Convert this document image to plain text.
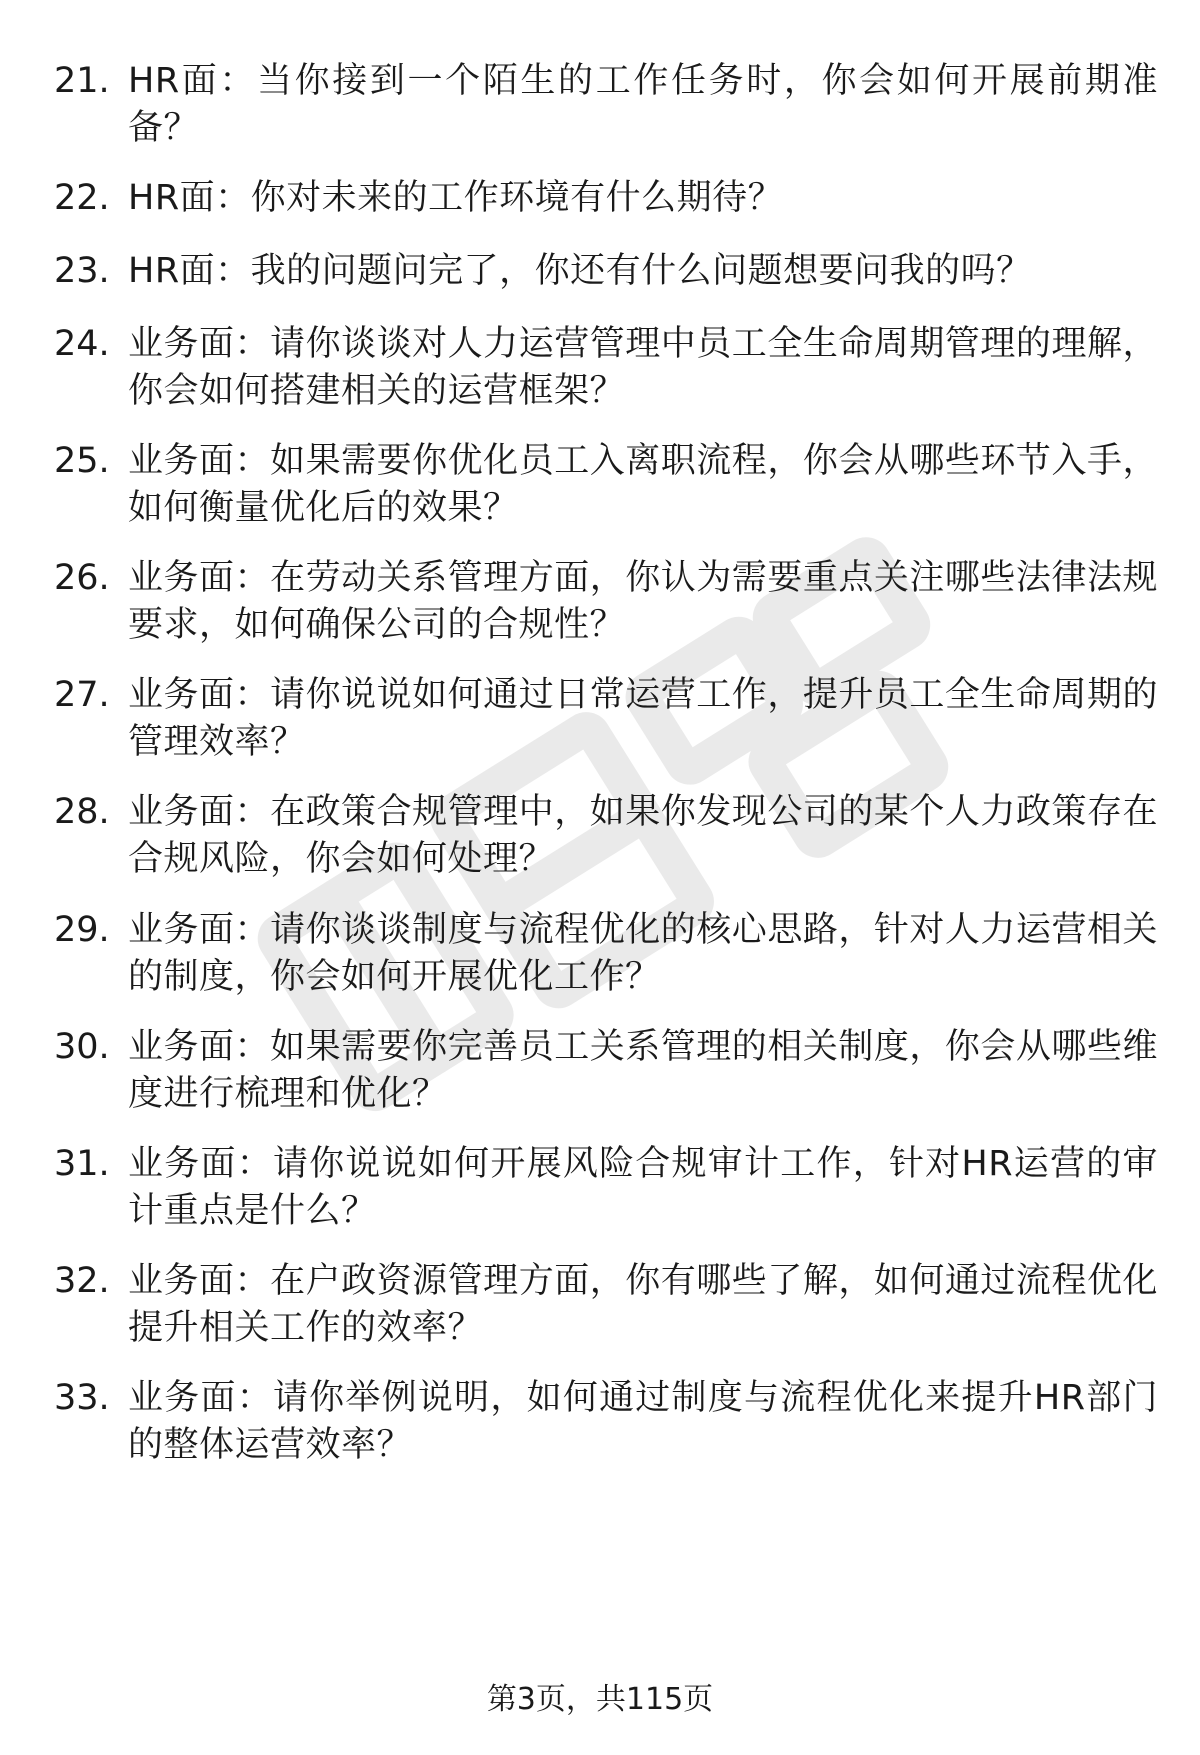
21. HR面：当你接到一个陌生的工作任务时，你会如何开展前期准备？
22. HR面：你对未来的工作环境有什么期待？
23. HR面：我的问题问完了，你还有什么问题想要问我的吗？
24. 业务面：请你谈谈对人力运营管理中员工全生命周期管理的理解，你会如何搭建相关的运营框架？
25. 业务面：如果需要你优化员工入离职流程，你会从哪些环节入手，如何衡量优化后的效果？
26. 业务面：在劳动关系管理方面，你认为需要重点关注哪些法律法规要求，如何确保公司的合规性？
27. 业务面：请你说说如何通过日常运营工作，提升员工全生命周期的管理效率？
28. 业务面：在政策合规管理中，如果你发现公司的某个人力政策存在合规风险，你会如何处理？
29. 业务面：请你谈谈制度与流程优化的核心思路，针对人力运营相关的制度，你会如何开展优化工作？
30. 业务面：如果需要你完善员工关系管理的相关制度，你会从哪些维度进行梳理和优化？
31. 业务面：请你说说如何开展风险合规审计工作，针对HR运营的审计重点是什么？
32. 业务面：在户政资源管理方面，你有哪些了解，如何通过流程优化提升相关工作的效率？
33. 业务面：请你举例说明，如何通过制度与流程优化来提升HR部门的整体运营效率？
第3页，共115页
